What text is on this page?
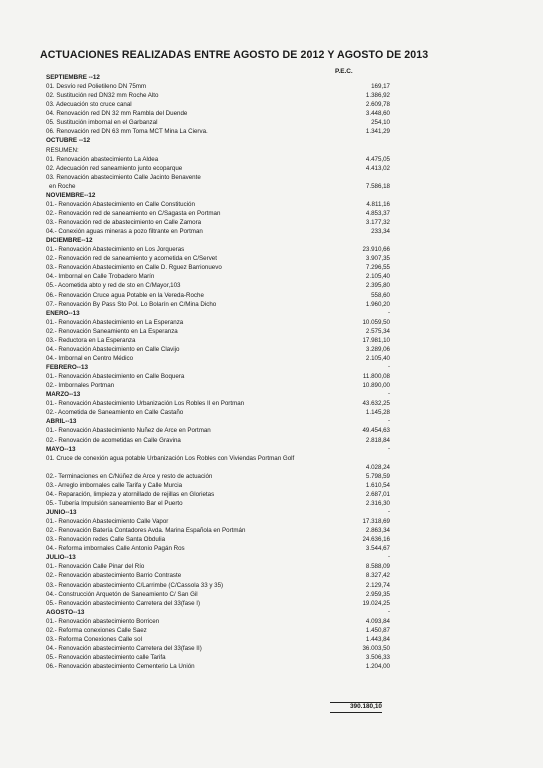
ACTUACIONES REALIZADAS ENTRE AGOSTO DE 2012 Y AGOSTO DE 2013
P.E.C.
SEPTIEMBRE --12
01. Desvío red Polietileno DN 75mm	169,17
02. Sustitución red DN32 mm Roche Alto	1.386,92
03. Adecuación sto cruce canal	2.609,78
04. Renovación red DN 32 mm Rambla del Duende	3.448,60
05. Sustitución imbornal en el Garbanzal	254,10
06. Renovación red DN 63 mm Toma MCT Mina La Cierva.	1.341,29
OCTUBRE --12
RESUMEN:
01. Renovación abastecimiento La Aldea	4.475,05
02. Adecuación red saneamiento junto ecoparque	4.413,02
03. Renovación abastecimiento Calle Jacinto Benavente
en Roche	7.586,18
NOVIEMBRE--12
01.- Renovación Abastecimiento en Calle Constitución	4.811,16
02.- Renovación red de saneamiento en C/Sagasta en Portman	4.853,37
03.- Renovación red de abastecimiento en Calle Zamora	3.177,32
04.- Conexión aguas mineras a pozo filtrante en Portman	233,34
DICIEMBRE--12
01.- Renovación Abastecimiento en Los Jorqueras	23.910,66
02.- Renovación red de saneamiento y acometida en C/Servet	3.907,35
03.- Renovación Abastecimiento en Calle D. Rguez Barrionuevo	7.296,55
04.- Imbornal en Calle Trobadero Marín	2.105,40
05.- Acometida abto y red de sto en C/Mayor,103	2.395,80
06.- Renovación Cruce agua Potable en la Vereda-Roche	558,60
07.- Renovación By Pass Sto Pol. Lo Bolarín en C/Mina Dicho	1.960,20
ENERO--13	-
01.- Renovación Abastecimiento en La Esperanza	10.059,50
02.- Renovación Saneamiento en La Esperanza	2.575,34
03.- Reductora en La Esperanza	17.981,10
04.- Renovación Abastecimiento en Calle Clavijo	3.289,06
04.- Imbornal en Centro Médico	2.105,40
FEBRERO--13	-
01.- Renovación Abastecimiento en Calle Boquera	11.800,08
02.- Imbornales Portman	10.890,00
MARZO--13	-
01.- Renovación Abastecimiento Urbanización Los Robles II en Portman	43.632,25
02.- Acometida de Saneamiento en Calle Castaño	1.145,28
ABRIL--13	-
01.- Renovación Abastecimiento Nuñez de Arce en Portman	49.454,63
02.- Renovación de acometidas en Calle Gravina	2.818,84
MAYO--13	-
01. Cruce de conexión agua potable Urbanización Los Robles con Viviendas Portman Golf
4.028,24
02.- Terminaciones en C/Núñez de Arce y resto de actuación	5.798,59
03.- Arreglo imbornales calle Tarifa y Calle Murcia	1.610,54
04.- Reparación, limpieza y atornillado de rejillas en Glorietas	2.687,01
05.- Tubería Impulsión saneamiento Bar el Puerto	2.316,30
JUNIO--13	-
01.- Renovación Abastecimiento Calle Vapor	17.318,69
02.- Renovación Batería Contadores Avda. Marina Española en Portmán	2.863,34
03.- Renovación redes Calle Santa Obdulia	24.636,16
04.- Reforma imbornales Calle Antonio Pagán Ros	3.544,67
JULIO--13	-
01.- Renovación Calle Pinar del Río	8.588,09
02.- Renovación abastecimiento Barrio Contraste	8.327,42
03.- Renovación abastecimiento C/Larrimbe (C/Cassola 33 y 35)	2.129,74
04.- Construcción Arquetón de Saneamiento C/ San Gil	2.959,35
05.- Renovación abastecimiento Carretera del 33(fase I)	19.024,25
AGOSTO--13	-
01.- Renovación abastecimiento Borricen	4.093,84
02.- Reforma conexiones Calle Saez	1.450,87
03.- Reforma Conexiones Calle sol	1.443,84
04.- Renovación abastecimiento Carretera del 33(fase II)	36.003,50
05.- Renovación abastecimiento calle Tarifa	3.506,33
06.- Renovación abastecimiento Cementerio La Unión	1.204,00
390.180,10
